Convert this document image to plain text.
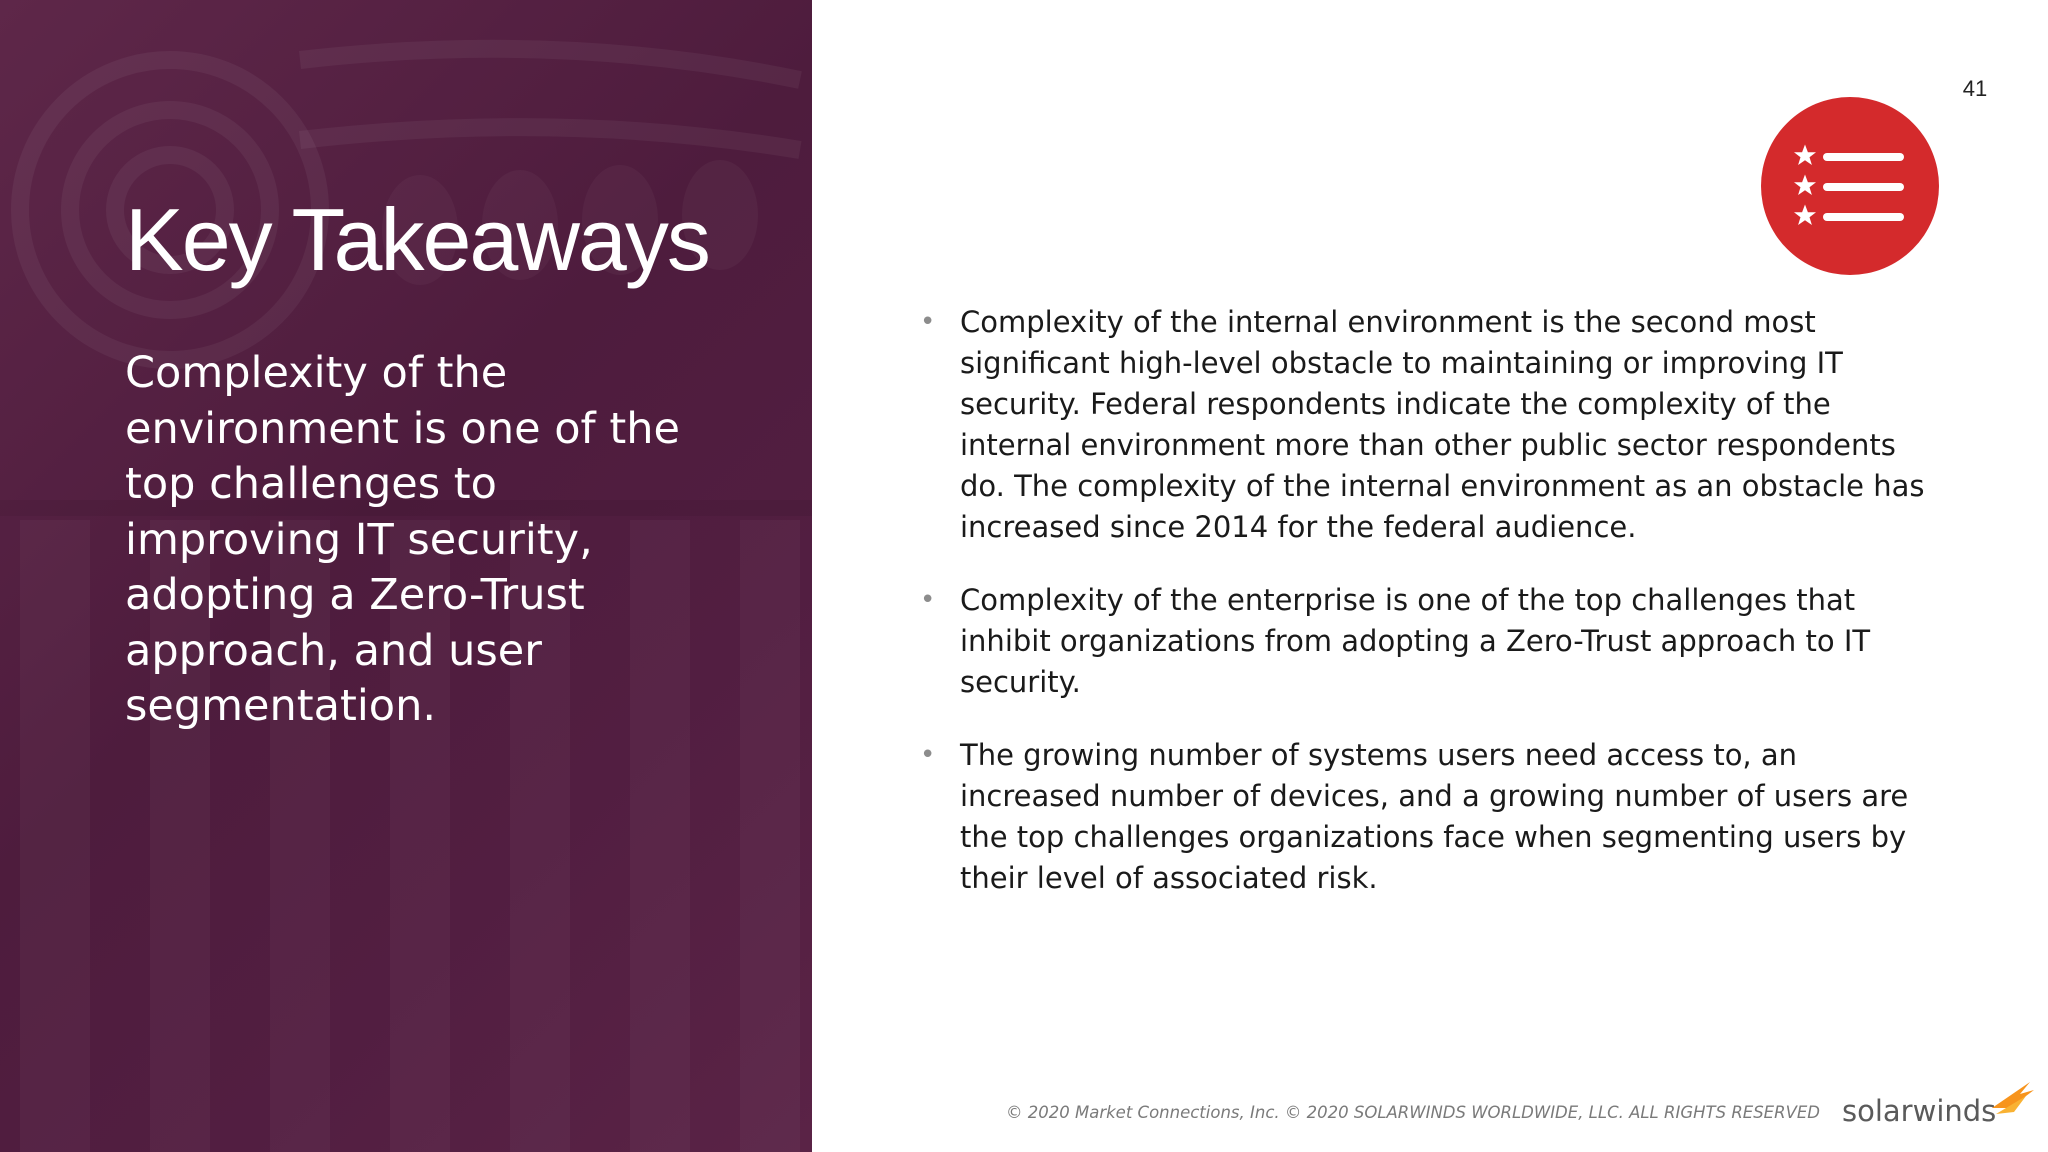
Key Takeaways

Complexity of the environment is one of the top challenges to improving IT security, adopting a Zero-Trust approach, and user segmentation.

41
• Complexity of the internal environment is the second most significant high-level obstacle to maintaining or improving IT security. Federal respondents indicate the complexity of the internal environment more than other public sector respondents do. The complexity of the internal environment as an obstacle has increased since 2014 for the federal audience.
• Complexity of the enterprise is one of the top challenges that inhibit organizations from adopting a Zero-Trust approach to IT security.
• The growing number of systems users need access to, an increased number of devices, and a growing number of users are the top challenges organizations face when segmenting users by their level of associated risk.
© 2020 Market Connections, Inc. © 2020 SOLARWINDS WORLDWIDE, LLC. ALL RIGHTS RESERVED solarwinds
